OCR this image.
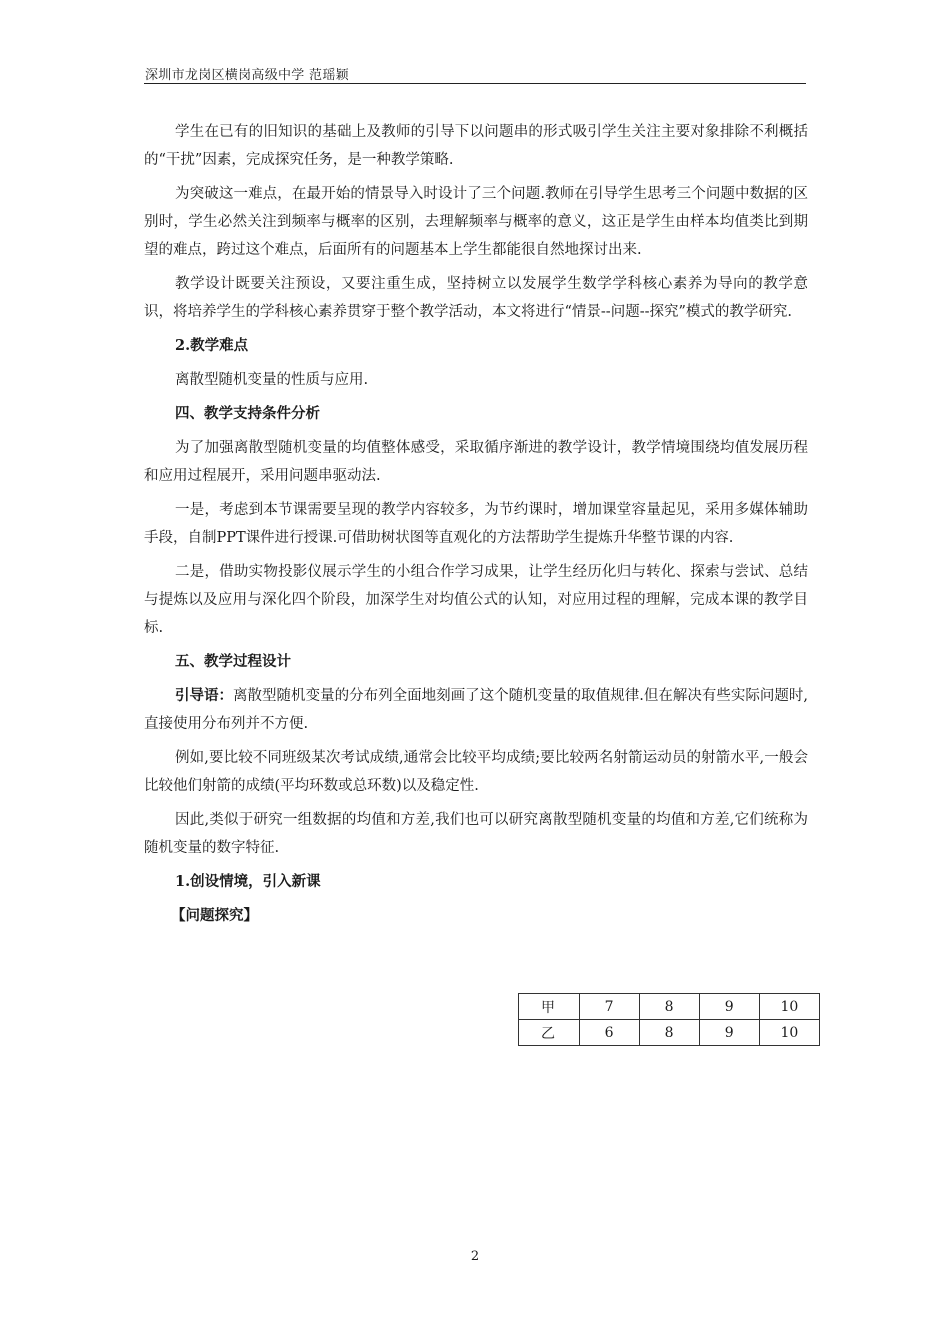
深圳市龙岗区横岗高级中学 范瑶颖

学生在已有的旧知识的基础上及教师的引导下以问题串的形式吸引学生关注主要对象排除不利概括的“干扰”因素，完成探究任务，是一种教学策略.

为突破这一难点，在最开始的情景导入时设计了三个问题.教师在引导学生思考三个问题中数据的区别时，学生必然关注到频率与概率的区别，去理解频率与概率的意义，这正是学生由样本均值类比到期望的难点，跨过这个难点，后面所有的问题基本上学生都能很自然地探讨出来.

教学设计既要关注预设，又要注重生成，坚持树立以发展学生数学学科核心素养为导向的教学意识，将培养学生的学科核心素养贯穿于整个教学活动，本文将进行“情景--问题--探究”模式的教学研究.

2.教学难点

离散型随机变量的性质与应用.

四、教学支持条件分析

为了加强离散型随机变量的均值整体感受，采取循序渐进的教学设计，教学情境围绕均值发展历程和应用过程展开，采用问题串驱动法.

一是，考虑到本节课需要呈现的教学内容较多，为节约课时，增加课堂容量起见，采用多媒体辅助手段，自制PPT课件进行授课.可借助树状图等直观化的方法帮助学生提炼升华整节课的内容.

二是，借助实物投影仪展示学生的小组合作学习成果，让学生经历化归与转化、探索与尝试、总结与提炼以及应用与深化四个阶段，加深学生对均值公式的认知，对应用过程的理解，完成本课的教学目标.

五、教学过程设计

引导语：离散型随机变量的分布列全面地刻画了这个随机变量的取值规律.但在解决有些实际问题时,直接使用分布列并不方便.

例如,要比较不同班级某次考试成绩,通常会比较平均成绩;要比较两名射箭运动员的射箭水平,一般会比较他们射箭的成绩(平均环数或总环数)以及稳定性.

因此,类似于研究一组数据的均值和方差,我们也可以研究离散型随机变量的均值和方差,它们统称为随机变量的数字特征.

1.创设情境，引入新课

【问题探究】

甲	7	8	9	10
乙	6	8	9	10
2
